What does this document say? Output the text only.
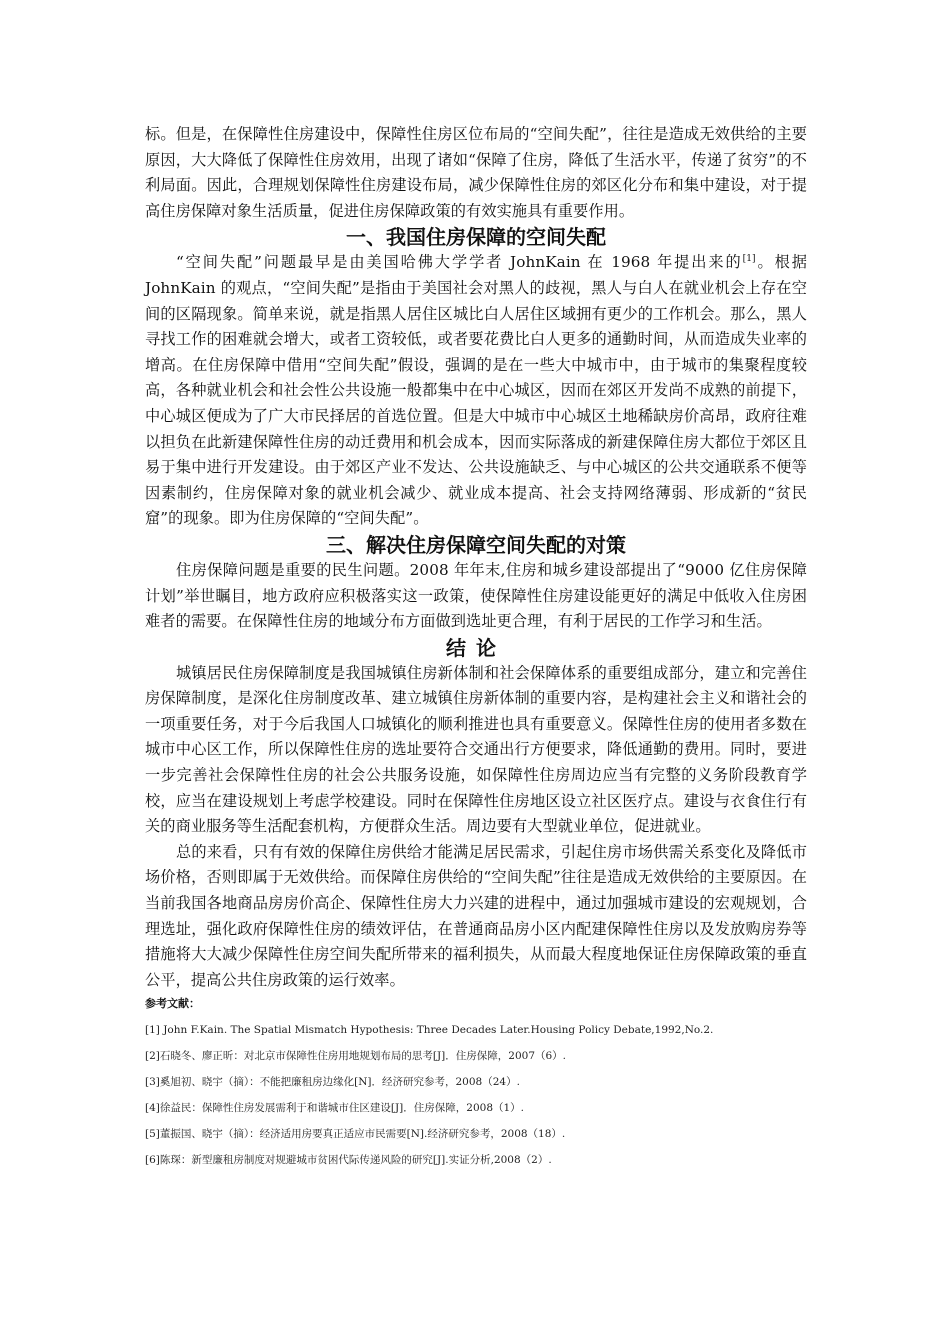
标。但是，在保障性住房建设中，保障性住房区位布局的“空间失配”，往往是造成无效供给的主要原因，大大降低了保障性住房效用，出现了诸如“保障了住房，降低了生活水平，传递了贫穷”的不利局面。因此，合理规划保障性住房建设布局，减少保障性住房的郊区化分布和集中建设，对于提高住房保障对象生活质量，促进住房保障政策的有效实施具有重要作用。

一、我国住房保障的空间失配

“空间失配”问题最早是由美国哈佛大学学者 JohnKain 在 1968 年提出来的[1]。根据 JohnKain 的观点，“空间失配”是指由于美国社会对黑人的歧视，黑人与白人在就业机会上存在空间的区隔现象。简单来说，就是指黑人居住区城比白人居住区域拥有更少的工作机会。那么，黑人寻找工作的困难就会增大，或者工资较低，或者要花费比白人更多的通勤时间，从而造成失业率的增高。在住房保障中借用“空间失配”假设，强调的是在一些大中城市中，由于城市的集聚程度较高，各种就业机会和社会性公共设施一般都集中在中心城区，因而在郊区开发尚不成熟的前提下，中心城区便成为了广大市民择居的首选位置。但是大中城市中心城区土地稀缺房价高昂，政府往难以担负在此新建保障性住房的动迁费用和机会成本，因而实际落成的新建保障住房大都位于郊区且易于集中进行开发建设。由于郊区产业不发达、公共设施缺乏、与中心城区的公共交通联系不便等因素制约，住房保障对象的就业机会减少、就业成本提高、社会支持网络薄弱、形成新的“贫民窟”的现象。即为住房保障的“空间失配”。

三、解决住房保障空间失配的对策

住房保障问题是重要的民生问题。2008 年年末,住房和城乡建设部提出了“9000 亿住房保障计划”举世瞩目，地方政府应积极落实这一政策，使保障性住房建设能更好的满足中低收入住房困难者的需要。在保障性住房的地域分布方面做到选址更合理，有利于居民的工作学习和生活。

结论

城镇居民住房保障制度是我国城镇住房新体制和社会保障体系的重要组成部分，建立和完善住房保障制度，是深化住房制度改革、建立城镇住房新体制的重要内容，是构建社会主义和谐社会的一项重要任务，对于今后我国人口城镇化的顺利推进也具有重要意义。保障性住房的使用者多数在城市中心区工作，所以保障性住房的选址要符合交通出行方便要求，降低通勤的费用。同时，要进一步完善社会保障性住房的社会公共服务设施，如保障性住房周边应当有完整的义务阶段教育学校，应当在建设规划上考虑学校建设。同时在保障性住房地区设立社区医疗点。建设与衣食住行有关的商业服务等生活配套机构，方便群众生活。周边要有大型就业单位，促进就业。

总的来看，只有有效的保障住房供给才能满足居民需求，引起住房市场供需关系变化及降低市场价格，否则即属于无效供给。而保障住房供给的“空间失配”往往是造成无效供给的主要原因。在当前我国各地商品房房价高企、保障性住房大力兴建的进程中，通过加强城市建设的宏观规划，合理选址，强化政府保障性住房的绩效评估，在普通商品房小区内配建保障性住房以及发放购房券等措施将大大减少保障性住房空间失配所带来的福利损失，从而最大程度地保证住房保障政策的垂直公平，提高公共住房政策的运行效率。

参考文献：

[1] John F.Kain. The Spatial Mismatch Hypothesis: Three Decades Later.Housing Policy Debate,1992,No.2.

[2]石晓冬、廖正昕：对北京市保障性住房用地规划布局的思考[J]．住房保障，2007（6）.

[3]奚旭初、晓宇（摘）：不能把廉租房边缘化[N]．经济研究参考，2008（24）.

[4]徐益民：保障性住房发展需利于和谐城市住区建设[J]．住房保障，2008（1）.

[5]董振国、晓宇（摘）：经济适用房要真正适应市民需要[N].经济研究参考，2008（18）.

[6]陈琛：新型廉租房制度对规避城市贫困代际传递风险的研究[J].实证分析,2008（2）.
